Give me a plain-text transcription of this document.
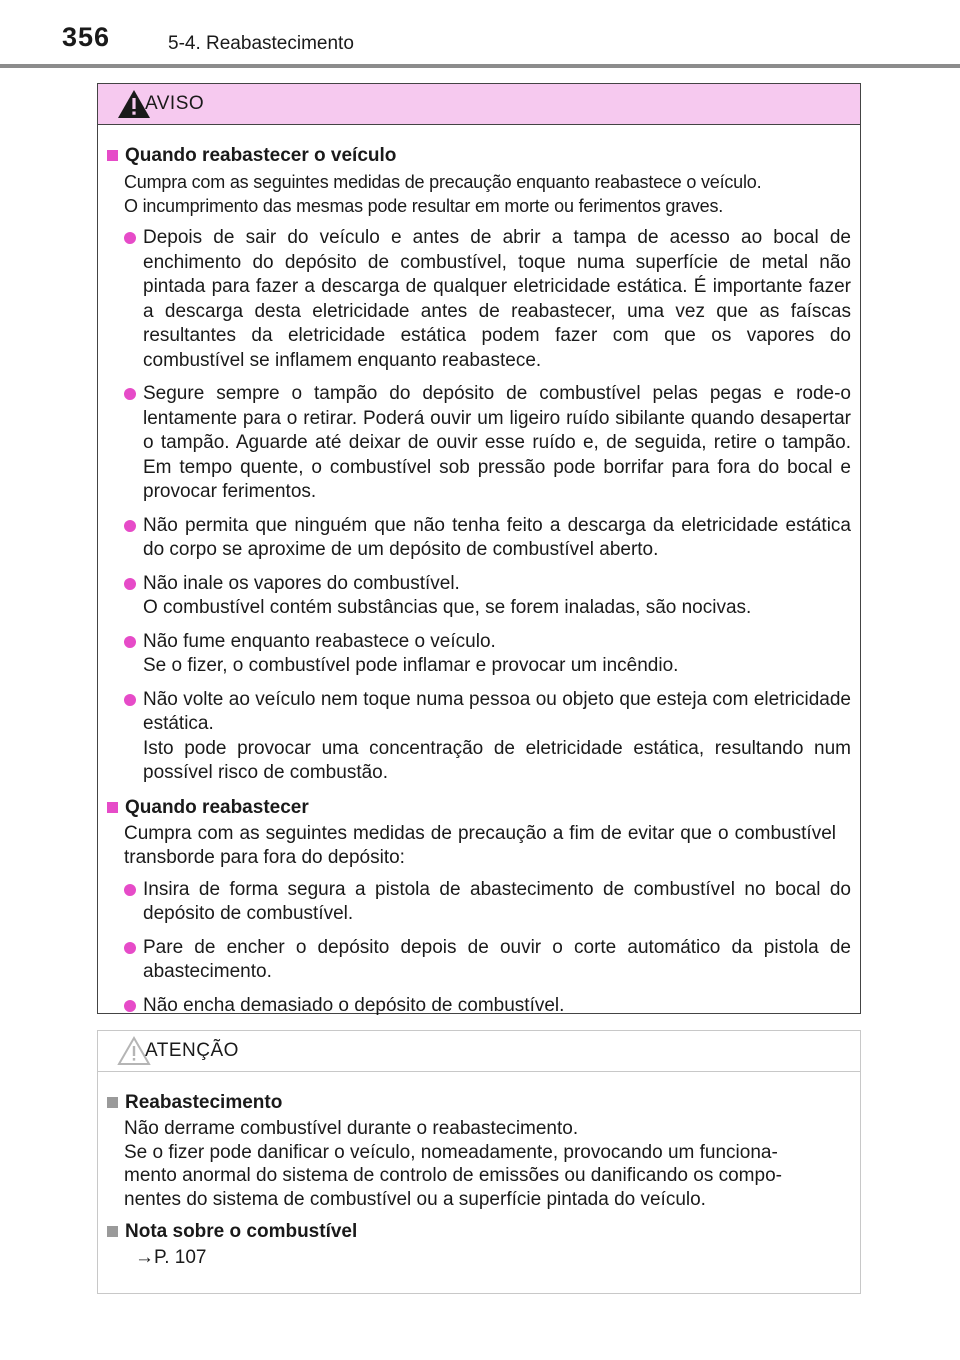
356	5-4. Reabastecimento
AVISO
Quando reabastecer o veículo
Cumpra com as seguintes medidas de precaução enquanto reabastece o veículo.
O incumprimento das mesmas pode resultar em morte ou ferimentos graves.
Depois de sair do veículo e antes de abrir a tampa de acesso ao bocal de enchimento do depósito de combustível, toque numa superfície de metal não pintada para fazer a descarga de qualquer eletricidade estática. É importante fazer a descarga desta eletricidade antes de reabastecer, uma vez que as faíscas resultantes da eletricidade estática podem fazer com que os vapores do combustível se inflamem enquanto reabastece.
Segure sempre o tampão do depósito de combustível pelas pegas e rode-o lentamente para o retirar. Poderá ouvir um ligeiro ruído sibilante quando desapertar o tampão. Aguarde até deixar de ouvir esse ruído e, de seguida, retire o tampão. Em tempo quente, o combustível sob pressão pode borrifar para fora do bocal e provocar ferimentos.
Não permita que ninguém que não tenha feito a descarga da eletricidade estática do corpo se aproxime de um depósito de combustível aberto.
Não inale os vapores do combustível.
O combustível contém substâncias que, se forem inaladas, são nocivas.
Não fume enquanto reabastece o veículo.
Se o fizer, o combustível pode inflamar e provocar um incêndio.
Não volte ao veículo nem toque numa pessoa ou objeto que esteja com eletricidade estática.
Isto pode provocar uma concentração de eletricidade estática, resultando num possível risco de combustão.
Quando reabastecer
Cumpra com as seguintes medidas de precaução a fim de evitar que o combustível transborde para fora do depósito:
Insira de forma segura a pistola de abastecimento de combustível no bocal do depósito de combustível.
Pare de encher o depósito depois de ouvir o corte automático da pistola de abastecimento.
Não encha demasiado o depósito de combustível.
ATENÇÃO
Reabastecimento
Não derrame combustível durante o reabastecimento.
Se o fizer pode danificar o veículo, nomeadamente, provocando um funciona-
mento anormal do sistema de controlo de emissões ou danificando os compo-
nentes do sistema de combustível ou a superfície pintada do veículo.
Nota sobre o combustível
→P. 107
